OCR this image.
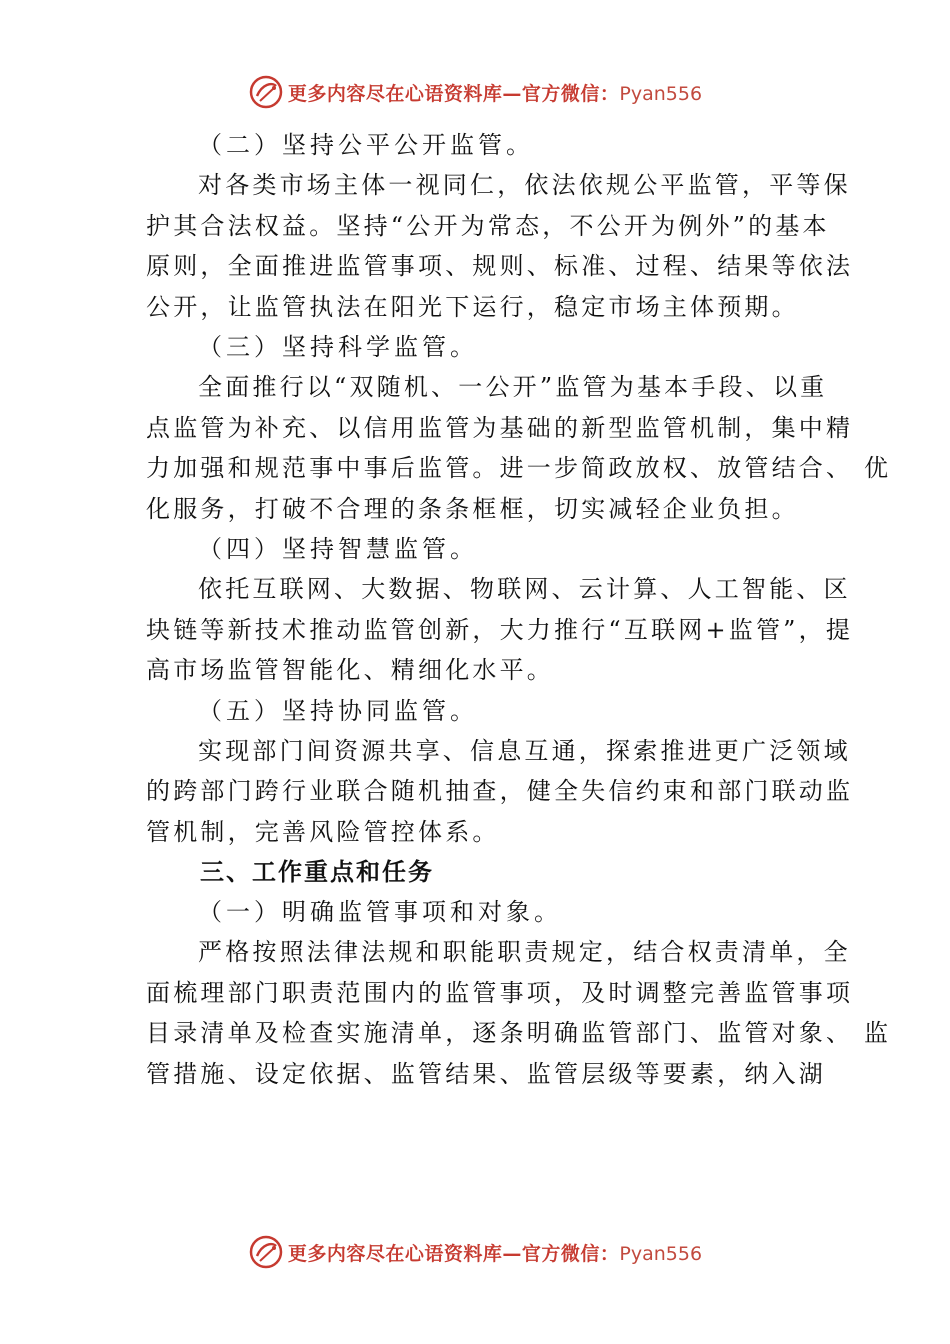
更多内容尽在心语资料库—官方微信：Pyan556
（二）坚持公平公开监管。
对各类市场主体一视同仁，依法依规公平监管，平等保
护其合法权益。坚持“公开为常态，不公开为例外”的基本
原则，全面推进监管事项、规则、标准、过程、结果等依法
公开，让监管执法在阳光下运行，稳定市场主体预期。
（三）坚持科学监管。
全面推行以“双随机、一公开”监管为基本手段、以重
点监管为补充、以信用监管为基础的新型监管机制，集中精
力加强和规范事中事后监管。进一步简政放权、放管结合、 优
化服务，打破不合理的条条框框，切实减轻企业负担。
（四）坚持智慧监管。
依托互联网、大数据、物联网、云计算、人工智能、区
块链等新技术推动监管创新，大力推行“互联网+监管”，提
高市场监管智能化、精细化水平。
（五）坚持协同监管。
实现部门间资源共享、信息互通，探索推进更广泛领域
的跨部门跨行业联合随机抽查，健全失信约束和部门联动监
管机制，完善风险管控体系。
三、工作重点和任务
（一）明确监管事项和对象。
严格按照法律法规和职能职责规定，结合权责清单，全
面梳理部门职责范围内的监管事项，及时调整完善监管事项
目录清单及检查实施清单，逐条明确监管部门、监管对象、 监
管措施、设定依据、监管结果、监管层级等要素，纳入湖
更多内容尽在心语资料库—官方微信：Pyan556
